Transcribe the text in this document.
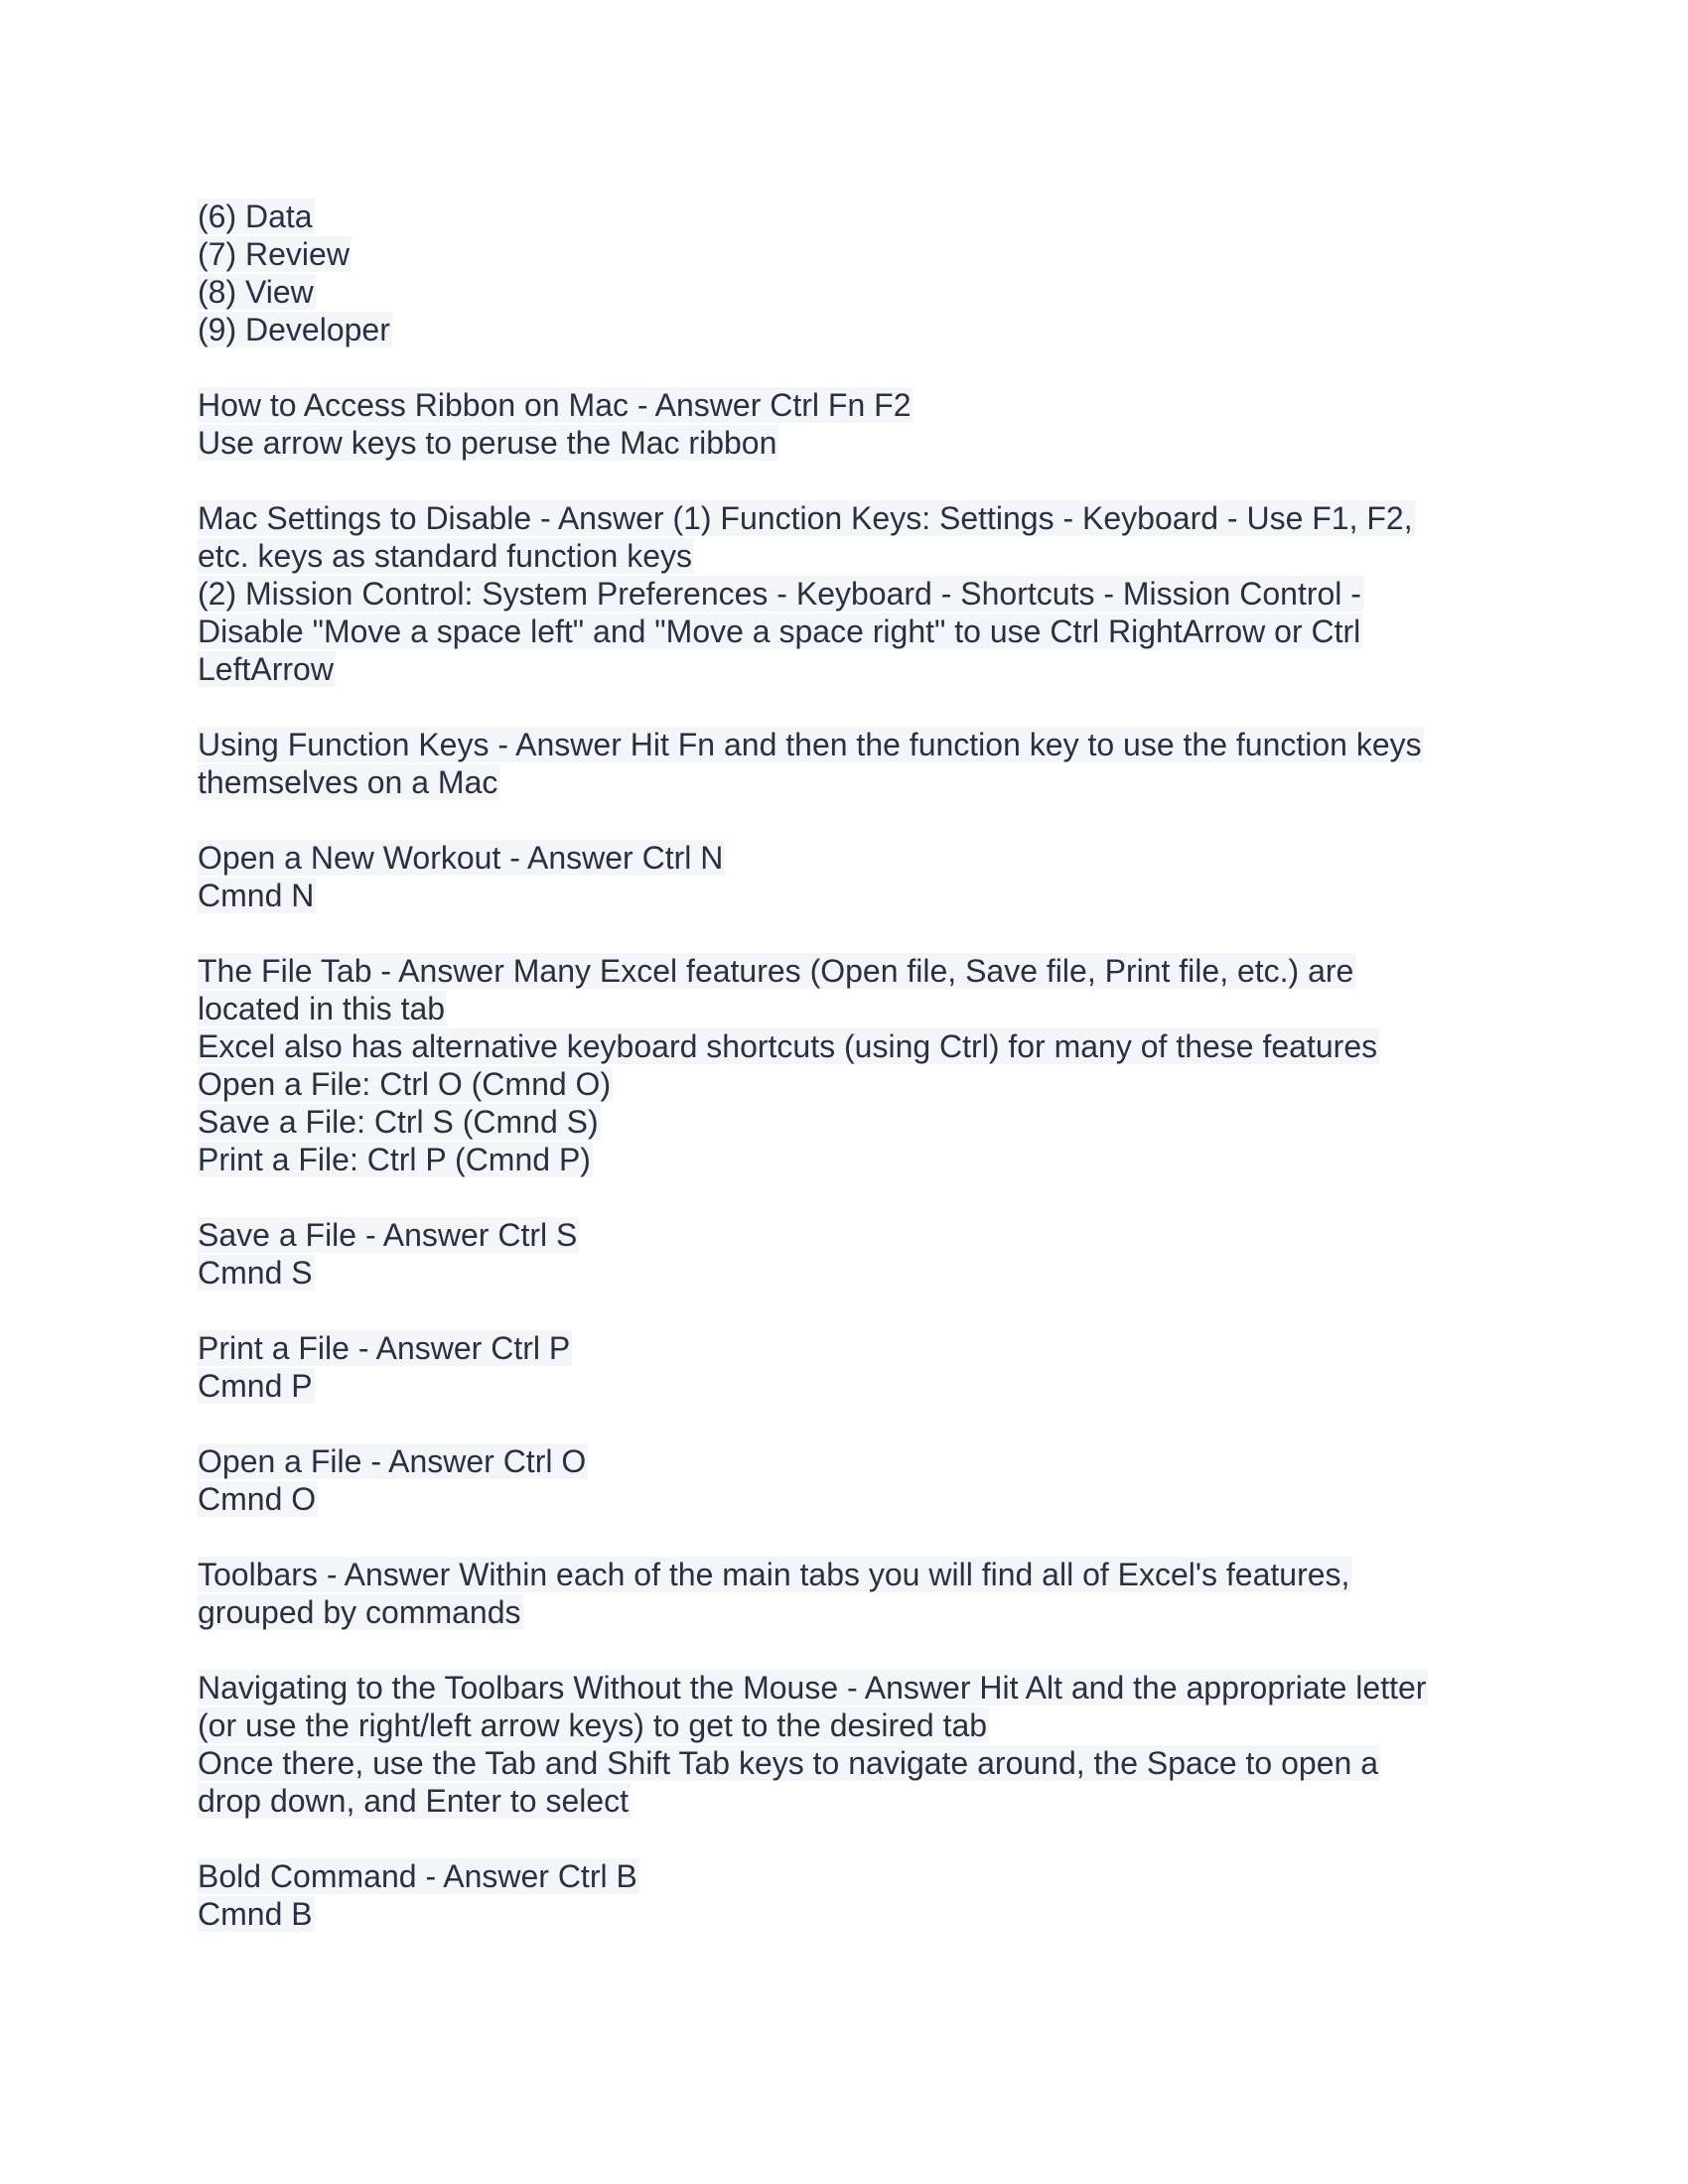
(6) Data
(7) Review
(8) View
(9) Developer
How to Access Ribbon on Mac - Answer Ctrl Fn F2
Use arrow keys to peruse the Mac ribbon
Mac Settings to Disable - Answer (1) Function Keys: Settings - Keyboard - Use F1, F2,
etc. keys as standard function keys
(2) Mission Control: System Preferences - Keyboard - Shortcuts - Mission Control -
Disable "Move a space left" and "Move a space right" to use Ctrl RightArrow or Ctrl
LeftArrow
Using Function Keys - Answer Hit Fn and then the function key to use the function keys
themselves on a Mac
Open a New Workout - Answer Ctrl N
Cmnd N
The File Tab - Answer Many Excel features (Open file, Save file, Print file, etc.) are
located in this tab
Excel also has alternative keyboard shortcuts (using Ctrl) for many of these features
Open a File: Ctrl O (Cmnd O)
Save a File: Ctrl S (Cmnd S)
Print a File: Ctrl P (Cmnd P)
Save a File - Answer Ctrl S
Cmnd S
Print a File - Answer Ctrl P
Cmnd P
Open a File - Answer Ctrl O
Cmnd O
Toolbars - Answer Within each of the main tabs you will find all of Excel's features,
grouped by commands
Navigating to the Toolbars Without the Mouse - Answer Hit Alt and the appropriate letter
(or use the right/left arrow keys) to get to the desired tab
Once there, use the Tab and Shift Tab keys to navigate around, the Space to open a
drop down, and Enter to select
Bold Command - Answer Ctrl B
Cmnd B
